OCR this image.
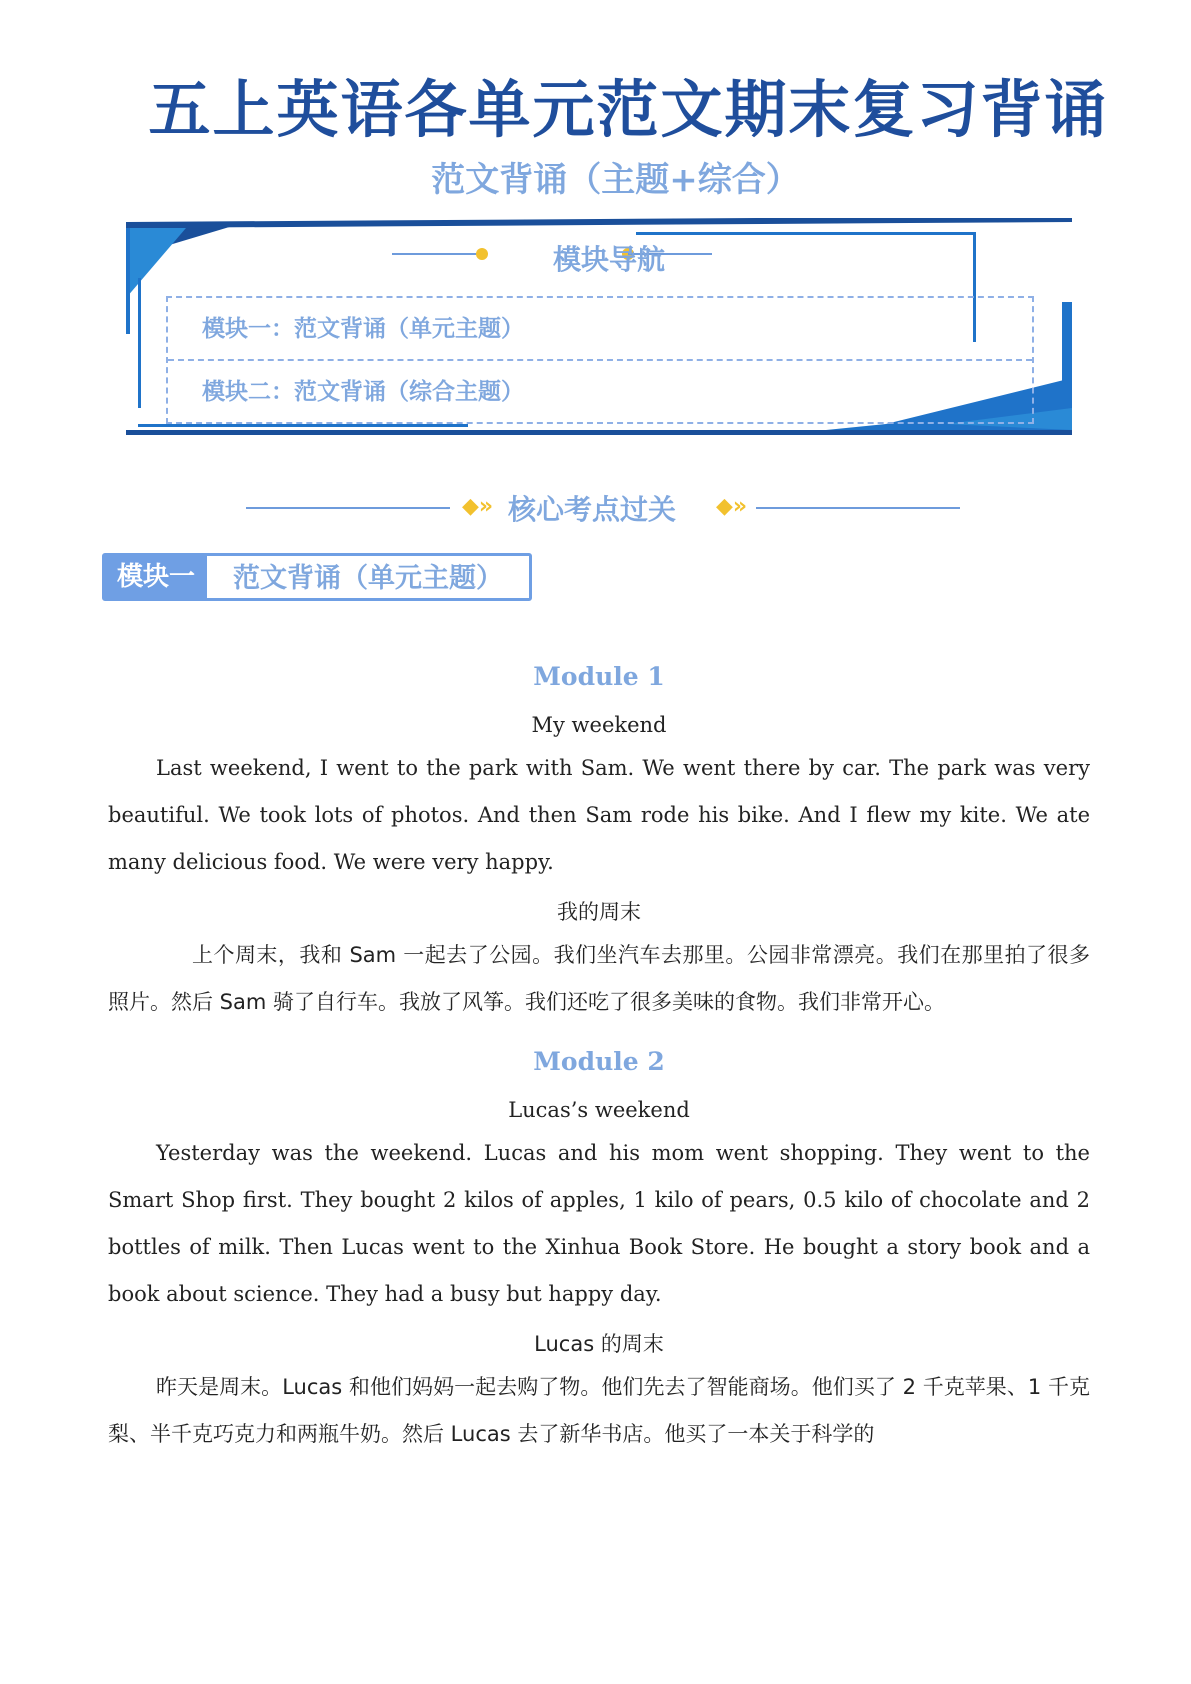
五上英语各单元范文期末复习背诵
范文背诵（主题+综合）
模块导航
模块一：范文背诵（单元主题）
模块二：范文背诵（综合主题）
◆» 核心考点过关 ◆»
模块一	范文背诵（单元主题）
Module 1
My weekend

Last weekend, I went to the park with Sam. We went there by car. The park was very beautiful. We took lots of photos. And then Sam rode his bike. And I flew my kite. We ate many delicious food. We were very happy.

我的周末

上个周末，我和 Sam 一起去了公园。我们坐汽车去那里。公园非常漂亮。我们在那里拍了很多照片。然后 Sam 骑了自行车。我放了风筝。我们还吃了很多美味的食物。我们非常开心。

Module 2
Lucas’s weekend

Yesterday was the weekend. Lucas and his mom went shopping. They went to the Smart Shop first. They bought 2 kilos of apples, 1 kilo of pears, 0.5 kilo of chocolate and 2 bottles of milk. Then Lucas went to the Xinhua Book Store. He bought a story book and a book about science. They had a busy but happy day.

Lucas 的周末

昨天是周末。Lucas 和他们妈妈一起去购了物。他们先去了智能商场。他们买了 2 千克苹果、1 千克梨、半千克巧克力和两瓶牛奶。然后 Lucas 去了新华书店。他买了一本关于科学的
